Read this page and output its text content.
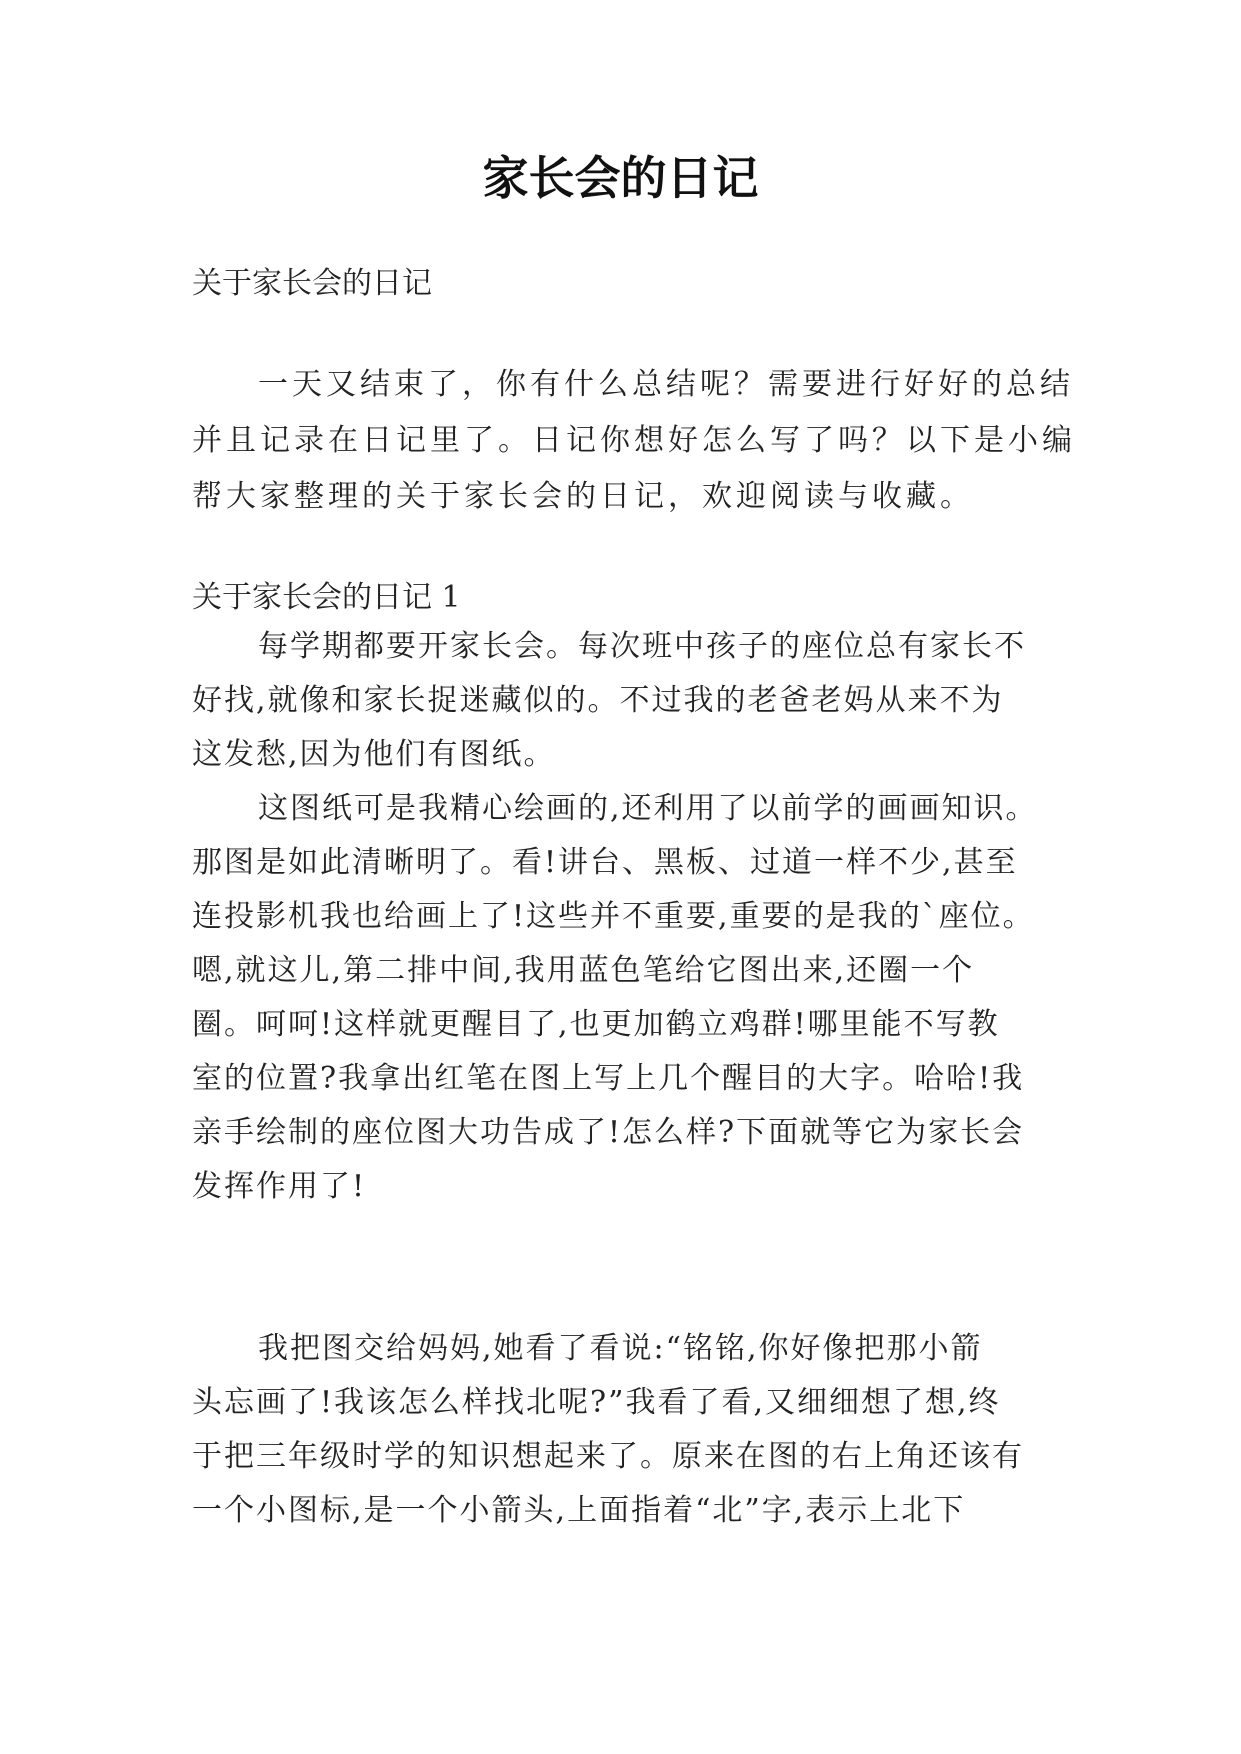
家长会的日记

关于家长会的日记

一天又结束了，你有什么总结呢？需要进行好好的总结
并且记录在日记里了。日记你想好怎么写了吗？以下是小编
帮大家整理的关于家长会的日记，欢迎阅读与收藏。

关于家长会的日记 1

每学期都要开家长会。每次班中孩子的座位总有家长不
好找,就像和家长捉迷藏似的。不过我的老爸老妈从来不为
这发愁,因为他们有图纸。
这图纸可是我精心绘画的,还利用了以前学的画画知识。
那图是如此清晰明了。看!讲台、黑板、过道一样不少,甚至
连投影机我也给画上了!这些并不重要,重要的是我的`座位。
嗯,就这儿,第二排中间,我用蓝色笔给它图出来,还圈一个
圈。呵呵!这样就更醒目了,也更加鹤立鸡群!哪里能不写教
室的位置?我拿出红笔在图上写上几个醒目的大字。哈哈!我
亲手绘制的座位图大功告成了!怎么样?下面就等它为家长会
发挥作用了!
我把图交给妈妈,她看了看说:“铭铭,你好像把那小箭
头忘画了!我该怎么样找北呢?”我看了看,又细细想了想,终
于把三年级时学的知识想起来了。原来在图的右上角还该有
一个小图标,是一个小箭头,上面指着“北”字,表示上北下
